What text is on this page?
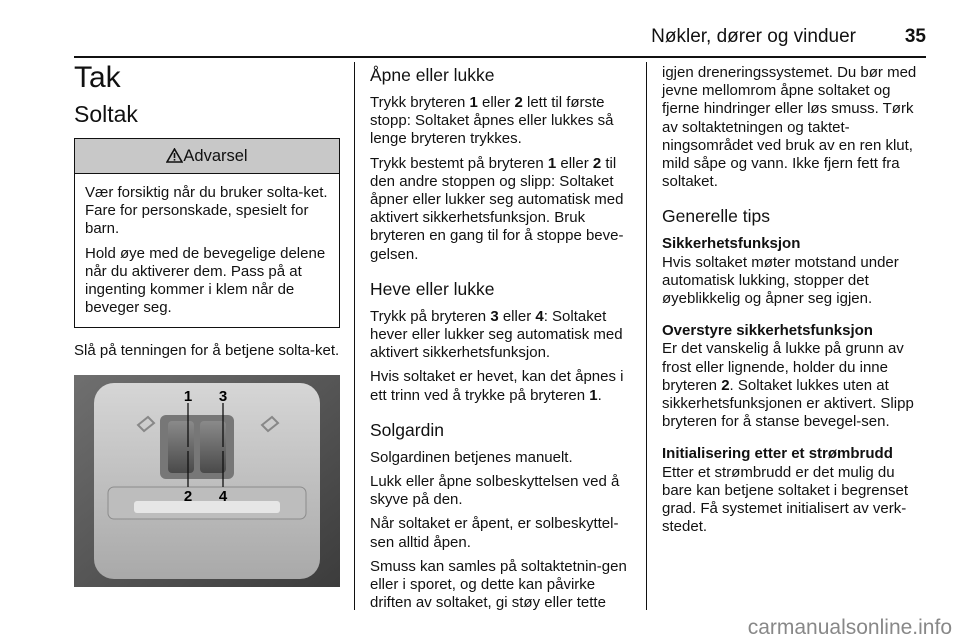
Nøkler, dører og vinduer	35
Tak
Soltak
Advarsel

Vær forsiktig når du bruker solta-ket. Fare for personskade, spesielt for barn.

Hold øye med de bevegelige delene når du aktiverer dem. Pass på at ingenting kommer i klem når de beveger seg.

Slå på tenningen for å betjene solta-ket.

1 3
2 4
Åpne eller lukke

Trykk bryteren 1 eller 2 lett til første stopp: Soltaket åpnes eller lukkes så lenge bryteren trykkes.

Trykk bestemt på bryteren 1 eller 2 til den andre stoppen og slipp: Soltaket åpner eller lukker seg automatisk med aktivert sikkerhetsfunksjon. Bruk bryteren en gang til for å stoppe beve-gelsen.

Heve eller lukke

Trykk på bryteren 3 eller 4: Soltaket hever eller lukker seg automatisk med aktivert sikkerhetsfunksjon.

Hvis soltaket er hevet, kan det åpnes i ett trinn ved å trykke på bryteren 1.

Solgardin

Solgardinen betjenes manuelt.

Lukk eller åpne solbeskyttelsen ved å skyve på den.

Når soltaket er åpent, er solbeskyttel-sen alltid åpen.

Smuss kan samles på soltaktetnin-gen eller i sporet, og dette kan påvirke driften av soltaket, gi støy eller tette

igjen dreneringssystemet. Du bør med jevne mellomrom åpne soltaket og fjerne hindringer eller løs smuss. Tørk av soltaktetningen og taktet-ningsområdet ved bruk av en ren klut, mild såpe og vann. Ikke fjern fett fra soltaket.

Generelle tips

Sikkerhetsfunksjon

Hvis soltaket møter motstand under automatisk lukking, stopper det øyeblikkelig og åpner seg igjen.

Overstyre sikkerhetsfunksjon

Er det vanskelig å lukke på grunn av frost eller lignende, holder du inne bryteren 2. Soltaket lukkes uten at sikkerhetsfunksjonen er aktivert. Slipp bryteren for å stanse bevegel-sen.

Initialisering etter et strømbrudd

Etter et strømbrudd er det mulig du bare kan betjene soltaket i begrenset grad. Få systemet initialisert av verk-stedet.

carmanualsonline.info
